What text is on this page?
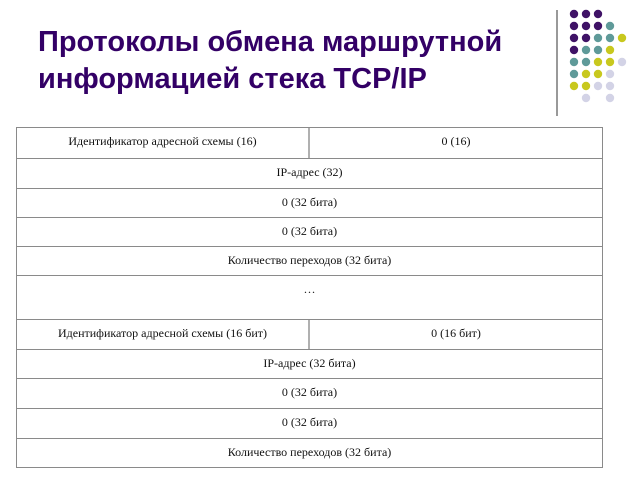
Протоколы обмена маршрутной информацией стека TCP/IP
Идентификатор адресной схемы (16)	0 (16)
IP-адрес (32)
0 (32 бита)
0 (32 бита)
Количество переходов (32 бита)
…
Идентификатор адресной схемы (16 бит)	0 (16 бит)
IP-адрес (32 бита)
0 (32 бита)
0 (32 бита)
Количество переходов (32 бита)
